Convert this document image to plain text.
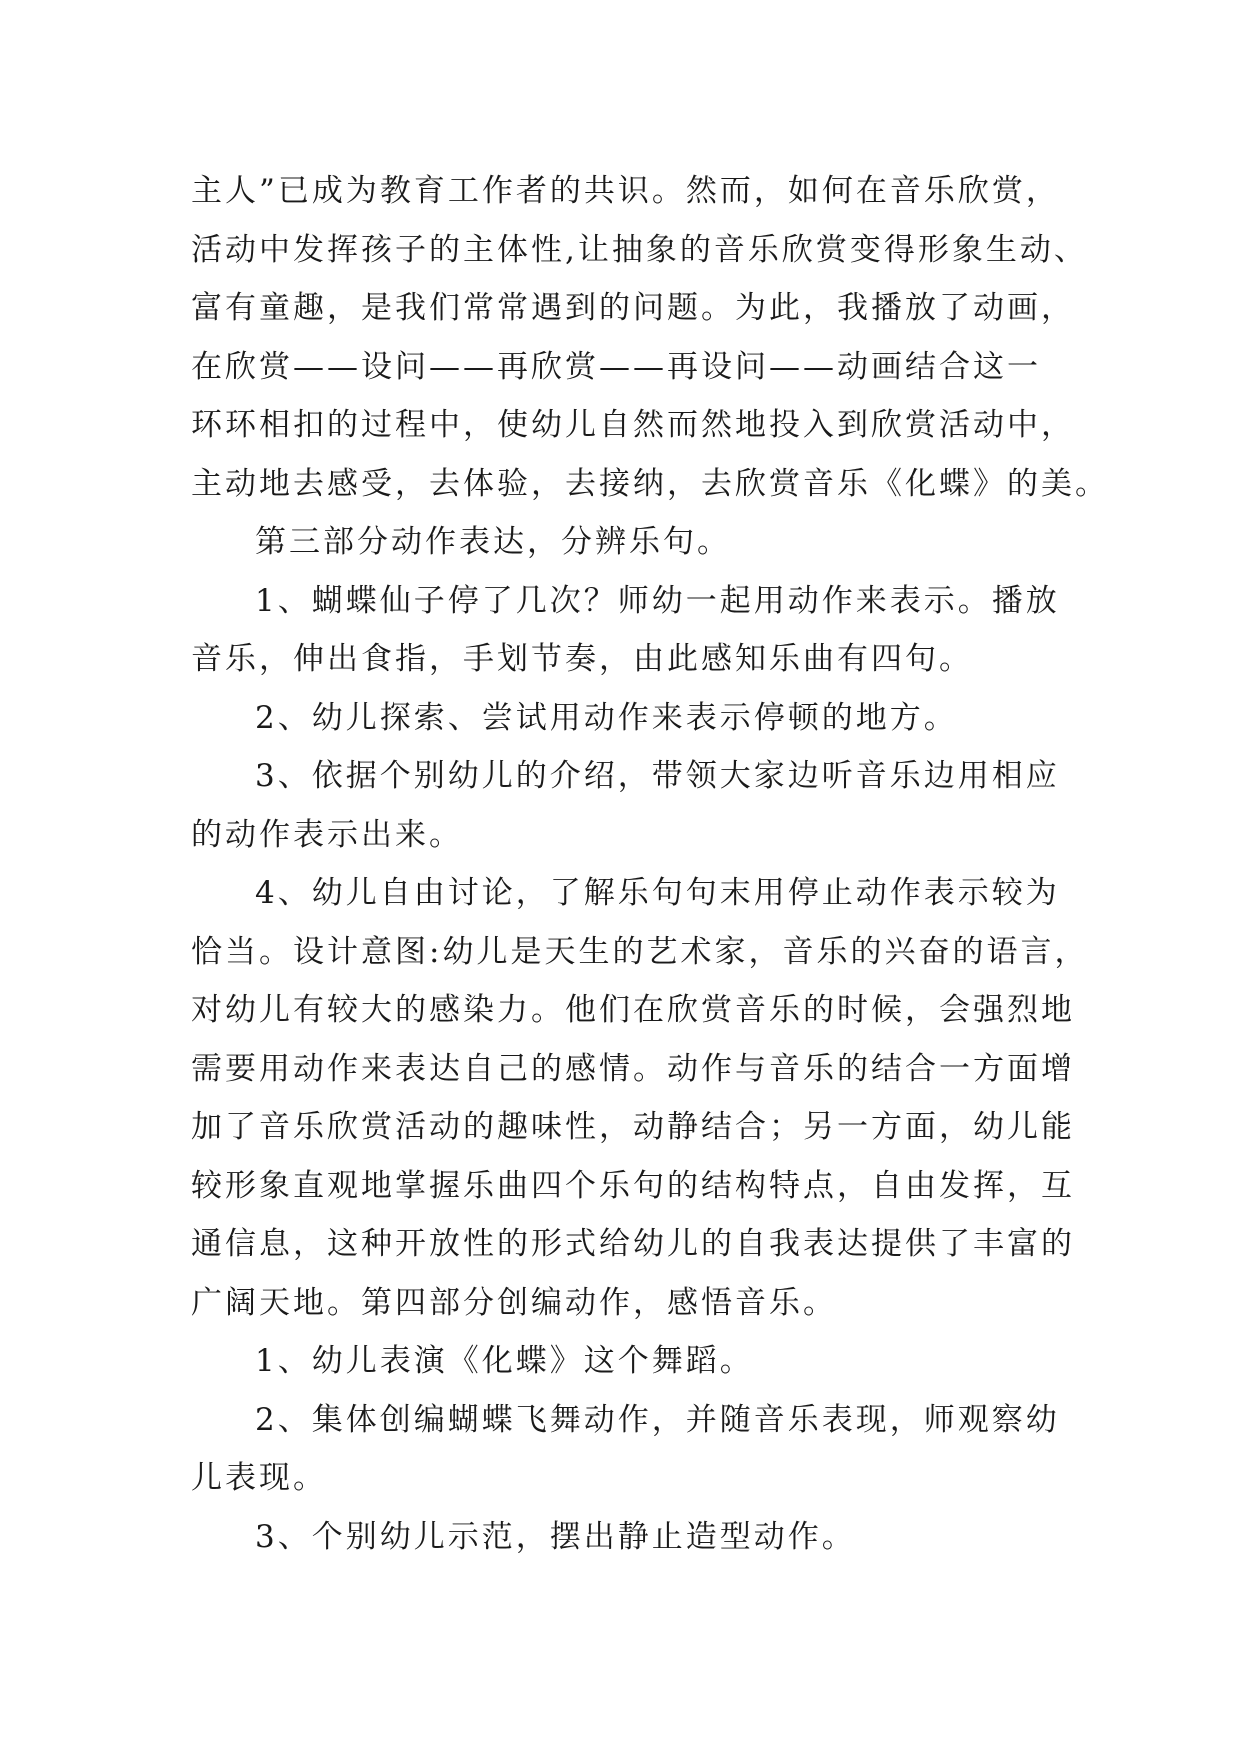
主人”已成为教育工作者的共识。然而，如何在音乐欣赏，
活动中发挥孩子的主体性,让抽象的音乐欣赏变得形象生动、
富有童趣，是我们常常遇到的问题。为此，我播放了动画，
在欣赏——设问——再欣赏——再设问——动画结合这一
环环相扣的过程中，使幼儿自然而然地投入到欣赏活动中，
主动地去感受，去体验，去接纳，去欣赏音乐《化蝶》的美。
第三部分动作表达，分辨乐句。
1、蝴蝶仙子停了几次？师幼一起用动作来表示。播放
音乐，伸出食指，手划节奏，由此感知乐曲有四句。
2、幼儿探索、尝试用动作来表示停顿的地方。
3、依据个别幼儿的介绍，带领大家边听音乐边用相应
的动作表示出来。
4、幼儿自由讨论，了解乐句句末用停止动作表示较为
恰当。设计意图:幼儿是天生的艺术家，音乐的兴奋的语言，
对幼儿有较大的感染力。他们在欣赏音乐的时候，会强烈地
需要用动作来表达自己的感情。动作与音乐的结合一方面增
加了音乐欣赏活动的趣味性，动静结合；另一方面，幼儿能
较形象直观地掌握乐曲四个乐句的结构特点，自由发挥，互
通信息，这种开放性的形式给幼儿的自我表达提供了丰富的
广阔天地。第四部分创编动作，感悟音乐。
1、幼儿表演《化蝶》这个舞蹈。
2、集体创编蝴蝶飞舞动作，并随音乐表现，师观察幼
儿表现。
3、个别幼儿示范，摆出静止造型动作。
